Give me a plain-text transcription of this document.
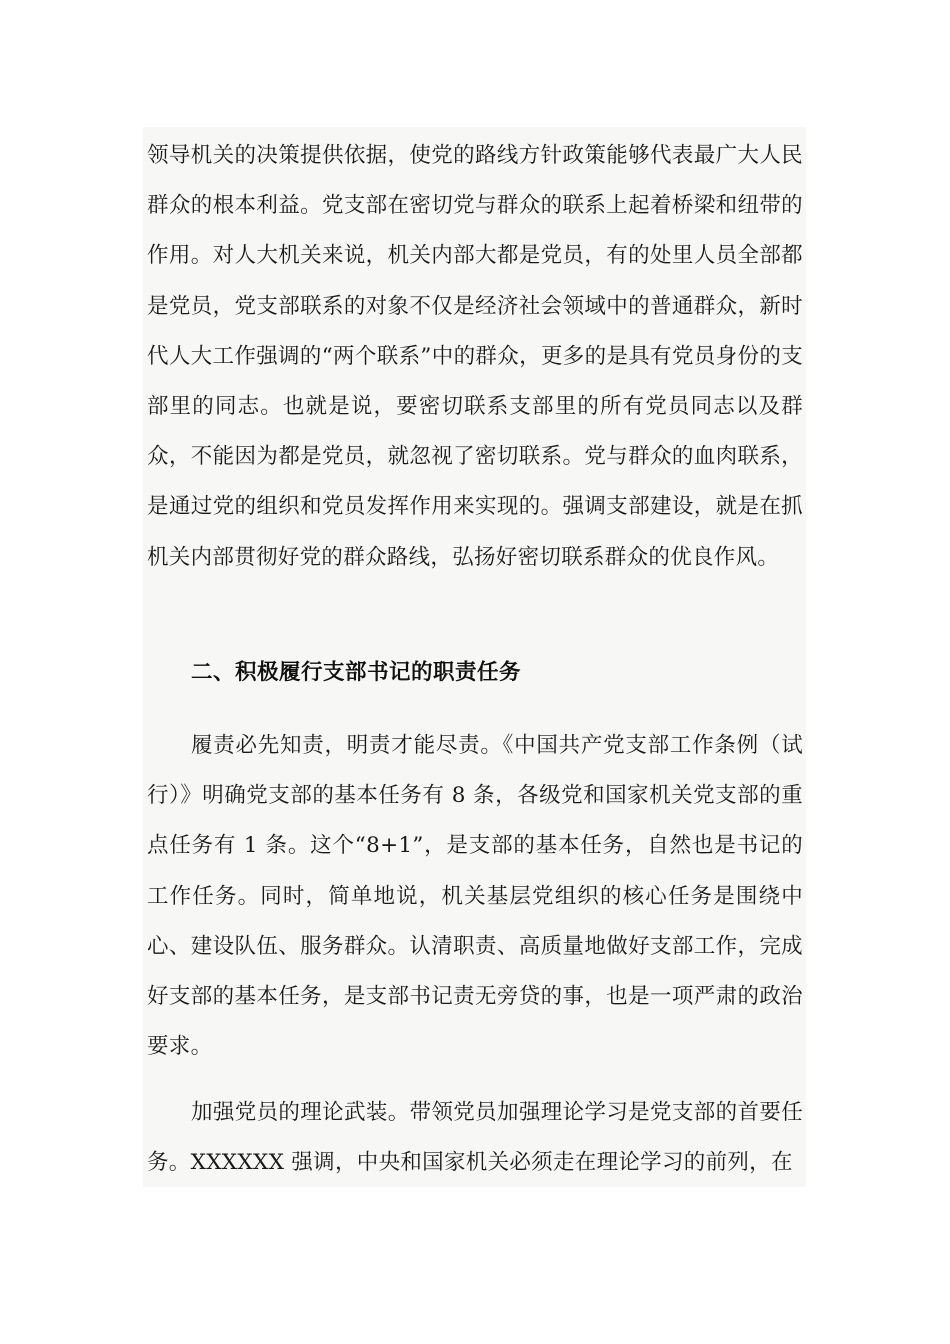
领导机关的决策提供依据，使党的路线方针政策能够代表最广大人民群众的根本利益。党支部在密切党与群众的联系上起着桥梁和纽带的作用。对人大机关来说，机关内部大都是党员，有的处里人员全部都是党员，党支部联系的对象不仅是经济社会领域中的普通群众，新时代人大工作强调的“两个联系”中的群众，更多的是具有党员身份的支部里的同志。也就是说，要密切联系支部里的所有党员同志以及群众，不能因为都是党员，就忽视了密切联系。党与群众的血肉联系，是通过党的组织和党员发挥作用来实现的。强调支部建设，就是在抓机关内部贯彻好党的群众路线，弘扬好密切联系群众的优良作风。

二、积极履行支部书记的职责任务

履责必先知责，明责才能尽责。《中国共产党支部工作条例（试行）》明确党支部的基本任务有 8 条，各级党和国家机关党支部的重点任务有 1 条。这个“8+1”，是支部的基本任务，自然也是书记的工作任务。同时，简单地说，机关基层党组织的核心任务是围绕中心、建设队伍、服务群众。认清职责、高质量地做好支部工作，完成好支部的基本任务，是支部书记责无旁贷的事，也是一项严肃的政治要求。

加强党员的理论武装。带领党员加强理论学习是党支部的首要任务。XXXXXX 强调，中央和国家机关必须走在理论学习的前列，在
